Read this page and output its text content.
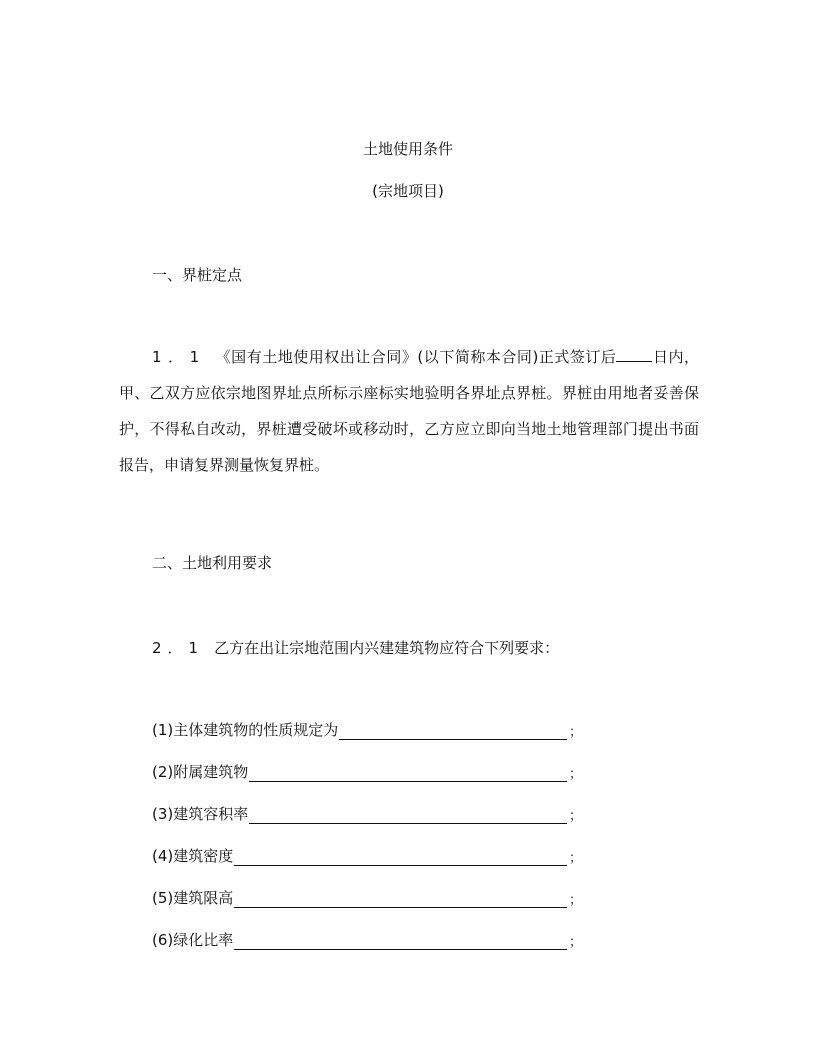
土地使用条件
(宗地项目)
一、界桩定点
1．1 《国有土地使用权出让合同》(以下简称本合同)正式签订后 日内，甲、乙双方应依宗地图界址点所标示座标实地验明各界址点界桩。界桩由用地者妥善保护，不得私自改动，界桩遭受破坏或移动时，乙方应立即向当地土地管理部门提出书面报告，申请复界测量恢复界桩。
二、土地利用要求
2．1 乙方在出让宗地范围内兴建建筑物应符合下列要求：
(1)主体建筑物的性质规定为	；
(2)附属建筑物	；
(3)建筑容积率	；
(4)建筑密度	；
(5)建筑限高	；
(6)绿化比率	；
